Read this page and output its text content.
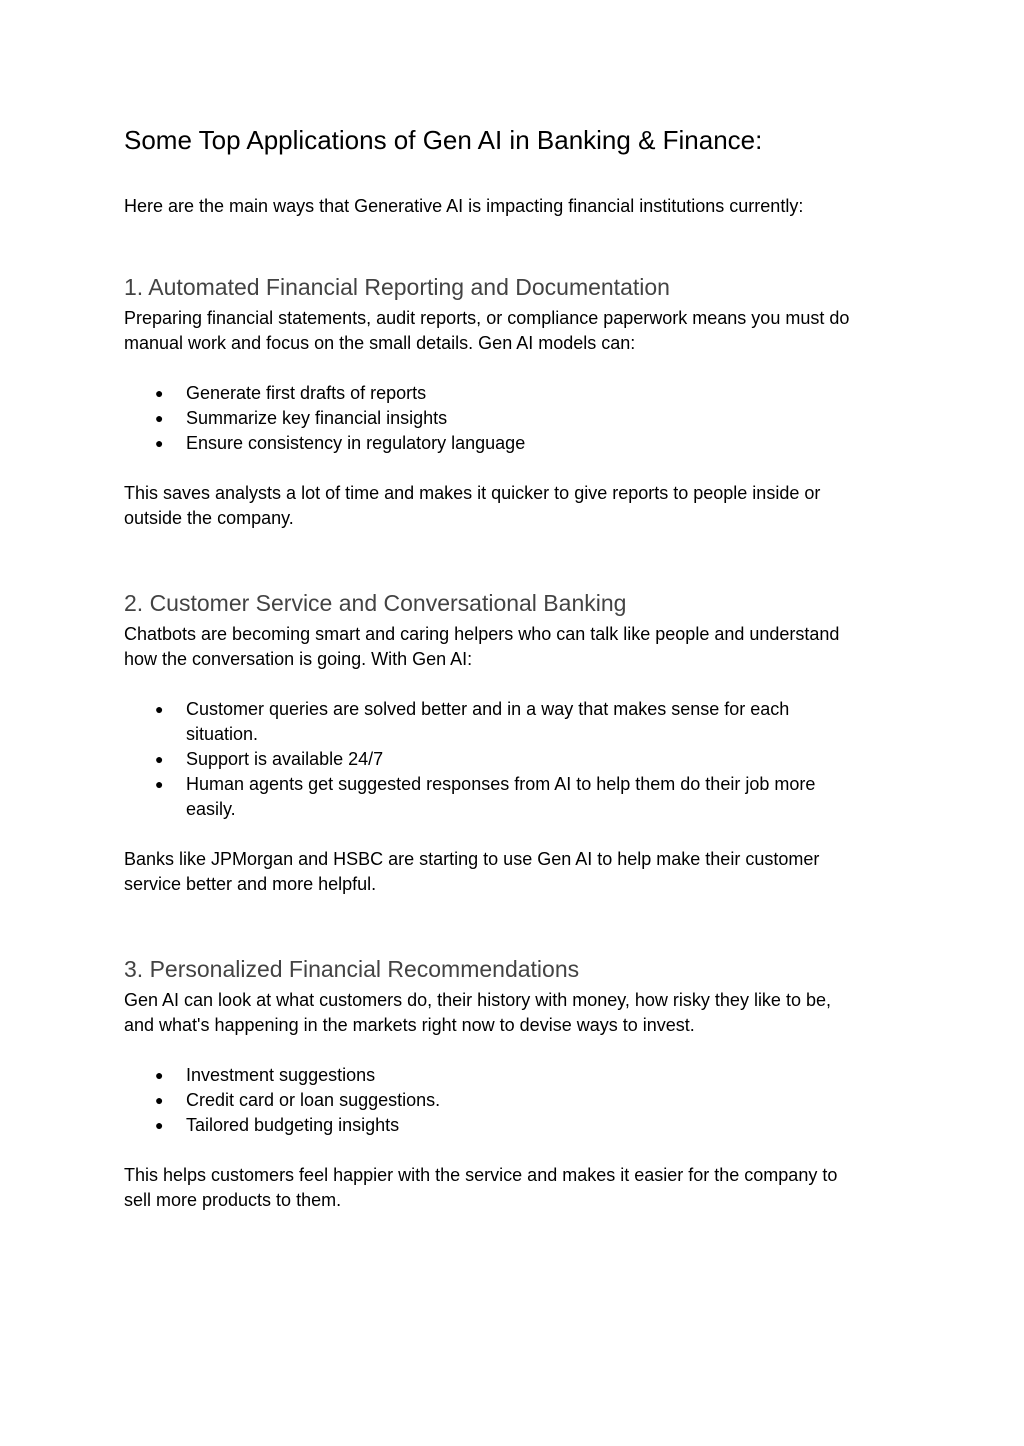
Some Top Applications of Gen AI in Banking & Finance:

Here are the main ways that Generative AI is impacting financial institutions currently:

1. Automated Financial Reporting and Documentation

Preparing financial statements, audit reports, or compliance paperwork means you must do
manual work and focus on the small details. Gen AI models can:

● Generate first drafts of reports
● Summarize key financial insights
● Ensure consistency in regulatory language

This saves analysts a lot of time and makes it quicker to give reports to people inside or
outside the company.

2. Customer Service and Conversational Banking

Chatbots are becoming smart and caring helpers who can talk like people and understand
how the conversation is going. With Gen AI:

● Customer queries are solved better and in a way that makes sense for each
situation.
● Support is available 24/7
● Human agents get suggested responses from AI to help them do their job more
easily.

Banks like JPMorgan and HSBC are starting to use Gen AI to help make their customer
service better and more helpful.

3. Personalized Financial Recommendations

Gen AI can look at what customers do, their history with money, how risky they like to be,
and what's happening in the markets right now to devise ways to invest.

● Investment suggestions
● Credit card or loan suggestions.
● Tailored budgeting insights

This helps customers feel happier with the service and makes it easier for the company to
sell more products to them.
